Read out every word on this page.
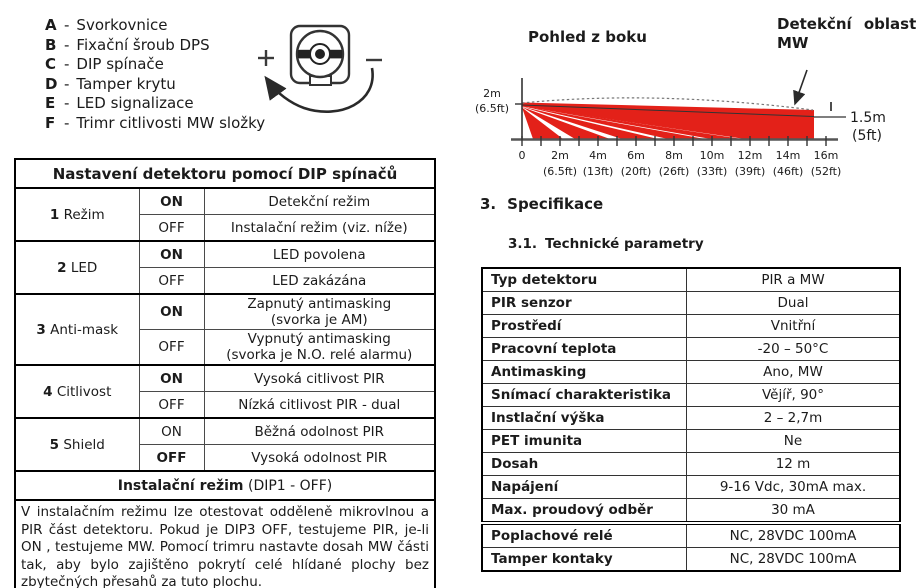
A - Svorkovnice
B - Fixační šroub DPS
C - DIP spínače
D - Tamper krytu
E - LED signalizace
F - Trimr citlivosti MW složky
Pohled z boku
Detekční oblast
MW
2m
(6.5ft)
1.5m
(5ft)
0 2m 4m 6m 8m 10m 12m 14m 16m
(6.5ft) (13ft) (20ft) (26ft) (33ft) (39ft) (46ft) (52ft)
Nastavení detektoru pomocí DIP spínačů		
1 Režim	ON	Detekční režim
	OFF	Instalační režim (viz. níže)
2 LED	ON	LED povolena
	OFF	LED zakázána
3 Anti-mask	ON	Zapnutý antimasking
(svorka je AM)
	OFF	Vypnutý antimasking
(svorka je N.O. relé alarmu)
4 Citlivost	ON	Vysoká citlivost PIR
	OFF	Nízká citlivost PIR - dual
5 Shield	ON	Běžná odolnost PIR
	OFF	Vysoká odolnost PIR
Instalační režim (DIP1 - OFF)		
V instalačním režimu lze otestovat odděleně mikrovlnou a PIR část detektoru. Pokud je DIP3 OFF, testujeme PIR, je-li ON , testujeme MW. Pomocí trimru nastavte dosah MW části tak, aby bylo zajištěno pokrytí celé hlídané plochy bez zbytečných přesahů za tuto plochu.		
3. Specifikace
3.1. Technické parametry
Typ detektoru	PIR a MW
PIR senzor	Dual
Prostředí	Vnitřní
Pracovní teplota	-20 – 50°C
Antimasking	Ano, MW
Snímací charakteristika	Vějíř, 90°
Instlační výška	2 – 2,7m
PET imunita	Ne
Dosah	12 m
Napájení	9-16 Vdc, 30mA max.
Max. proudový odběr	30 mA
Poplachové relé	NC, 28VDC 100mA
Tamper kontaky	NC, 28VDC 100mA
